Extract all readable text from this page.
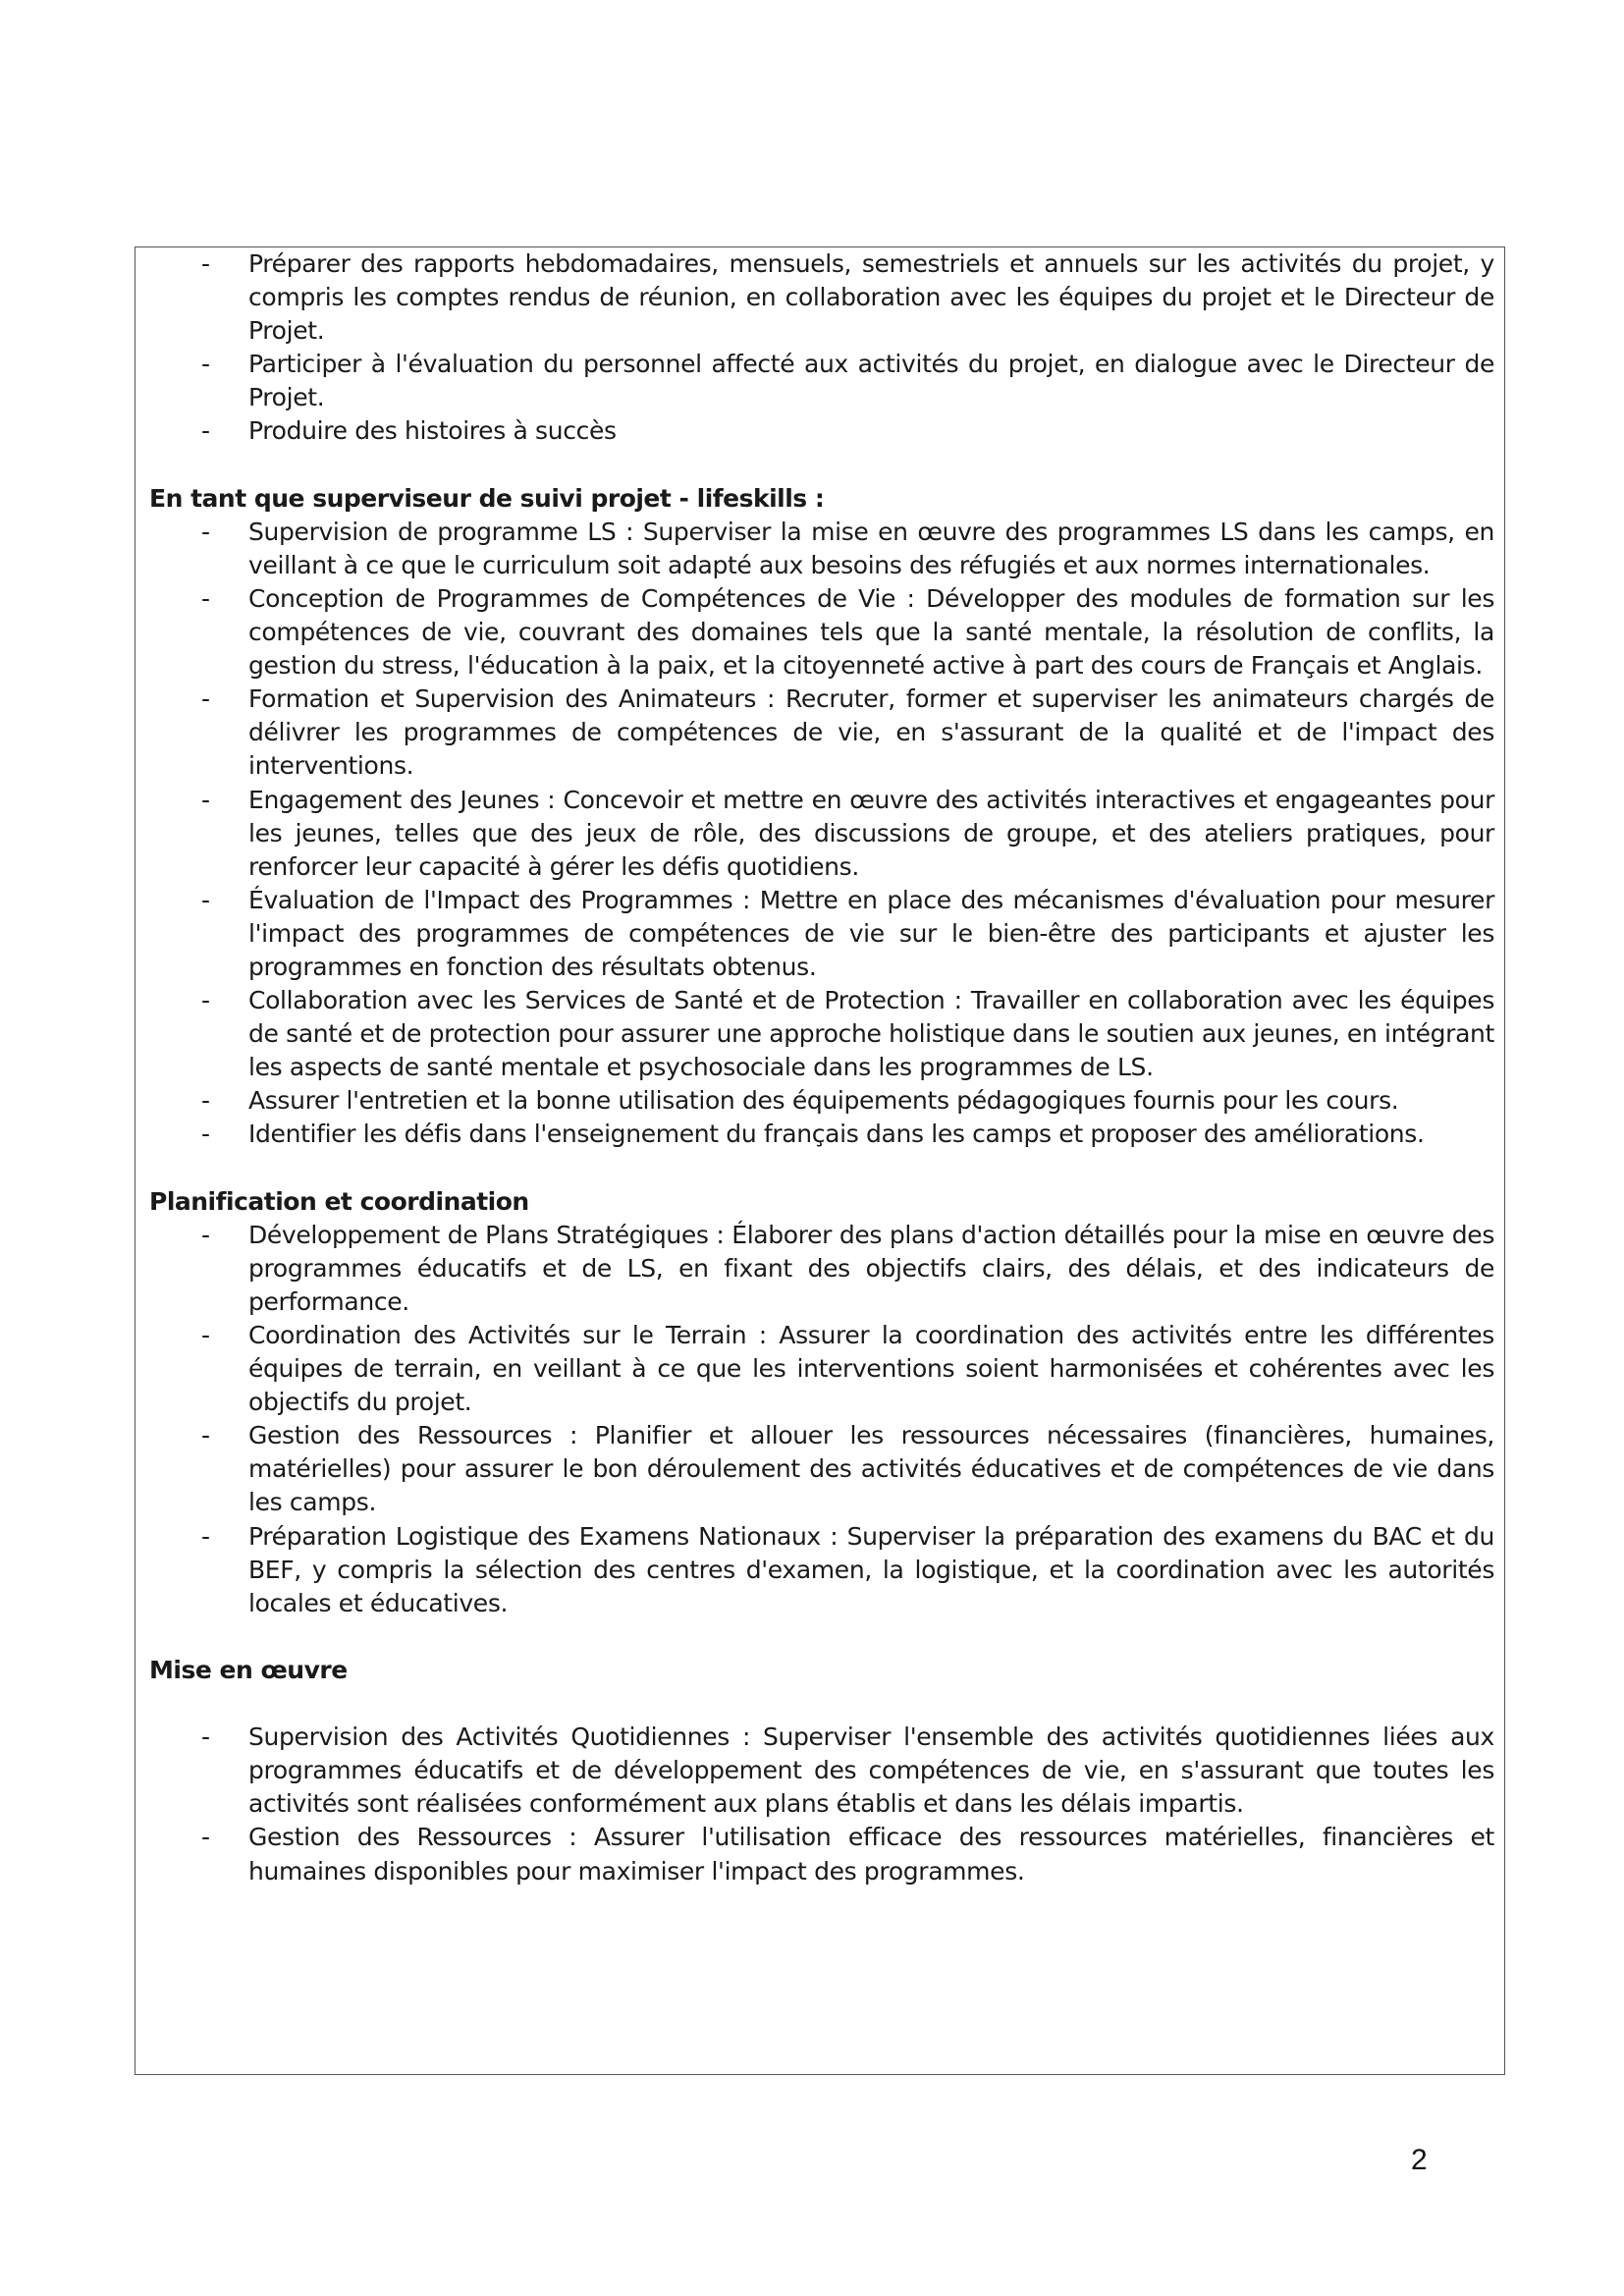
- Préparer des rapports hebdomadaires, mensuels, semestriels et annuels sur les activités du projet, y compris les comptes rendus de réunion, en collaboration avec les équipes du projet et le Directeur de Projet.
- Participer à l'évaluation du personnel affecté aux activités du projet, en dialogue avec le Directeur de Projet.
- Produire des histoires à succès

En tant que superviseur de suivi projet - lifeskills :

- Supervision de programme LS : Superviser la mise en œuvre des programmes LS dans les camps, en veillant à ce que le curriculum soit adapté aux besoins des réfugiés et aux normes internationales.
- Conception de Programmes de Compétences de Vie : Développer des modules de formation sur les compétences de vie, couvrant des domaines tels que la santé mentale, la résolution de conflits, la gestion du stress, l'éducation à la paix, et la citoyenneté active à part des cours de Français et Anglais.
- Formation et Supervision des Animateurs : Recruter, former et superviser les animateurs chargés de délivrer les programmes de compétences de vie, en s'assurant de la qualité et de l'impact des interventions.
- Engagement des Jeunes : Concevoir et mettre en œuvre des activités interactives et engageantes pour les jeunes, telles que des jeux de rôle, des discussions de groupe, et des ateliers pratiques, pour renforcer leur capacité à gérer les défis quotidiens.
- Évaluation de l'Impact des Programmes : Mettre en place des mécanismes d'évaluation pour mesurer l'impact des programmes de compétences de vie sur le bien-être des participants et ajuster les programmes en fonction des résultats obtenus.
- Collaboration avec les Services de Santé et de Protection : Travailler en collaboration avec les équipes de santé et de protection pour assurer une approche holistique dans le soutien aux jeunes, en intégrant les aspects de santé mentale et psychosociale dans les programmes de LS.
- Assurer l'entretien et la bonne utilisation des équipements pédagogiques fournis pour les cours.
- Identifier les défis dans l'enseignement du français dans les camps et proposer des améliorations.

Planification et coordination

- Développement de Plans Stratégiques : Élaborer des plans d'action détaillés pour la mise en œuvre des programmes éducatifs et de LS, en fixant des objectifs clairs, des délais, et des indicateurs de performance.
- Coordination des Activités sur le Terrain : Assurer la coordination des activités entre les différentes équipes de terrain, en veillant à ce que les interventions soient harmonisées et cohérentes avec les objectifs du projet.
- Gestion des Ressources : Planifier et allouer les ressources nécessaires (financières, humaines, matérielles) pour assurer le bon déroulement des activités éducatives et de compétences de vie dans les camps.
- Préparation Logistique des Examens Nationaux : Superviser la préparation des examens du BAC et du BEF, y compris la sélection des centres d'examen, la logistique, et la coordination avec les autorités locales et éducatives.

Mise en œuvre

- Supervision des Activités Quotidiennes : Superviser l'ensemble des activités quotidiennes liées aux programmes éducatifs et de développement des compétences de vie, en s'assurant que toutes les activités sont réalisées conformément aux plans établis et dans les délais impartis.
- Gestion des Ressources : Assurer l'utilisation efficace des ressources matérielles, financières et humaines disponibles pour maximiser l'impact des programmes.
2
